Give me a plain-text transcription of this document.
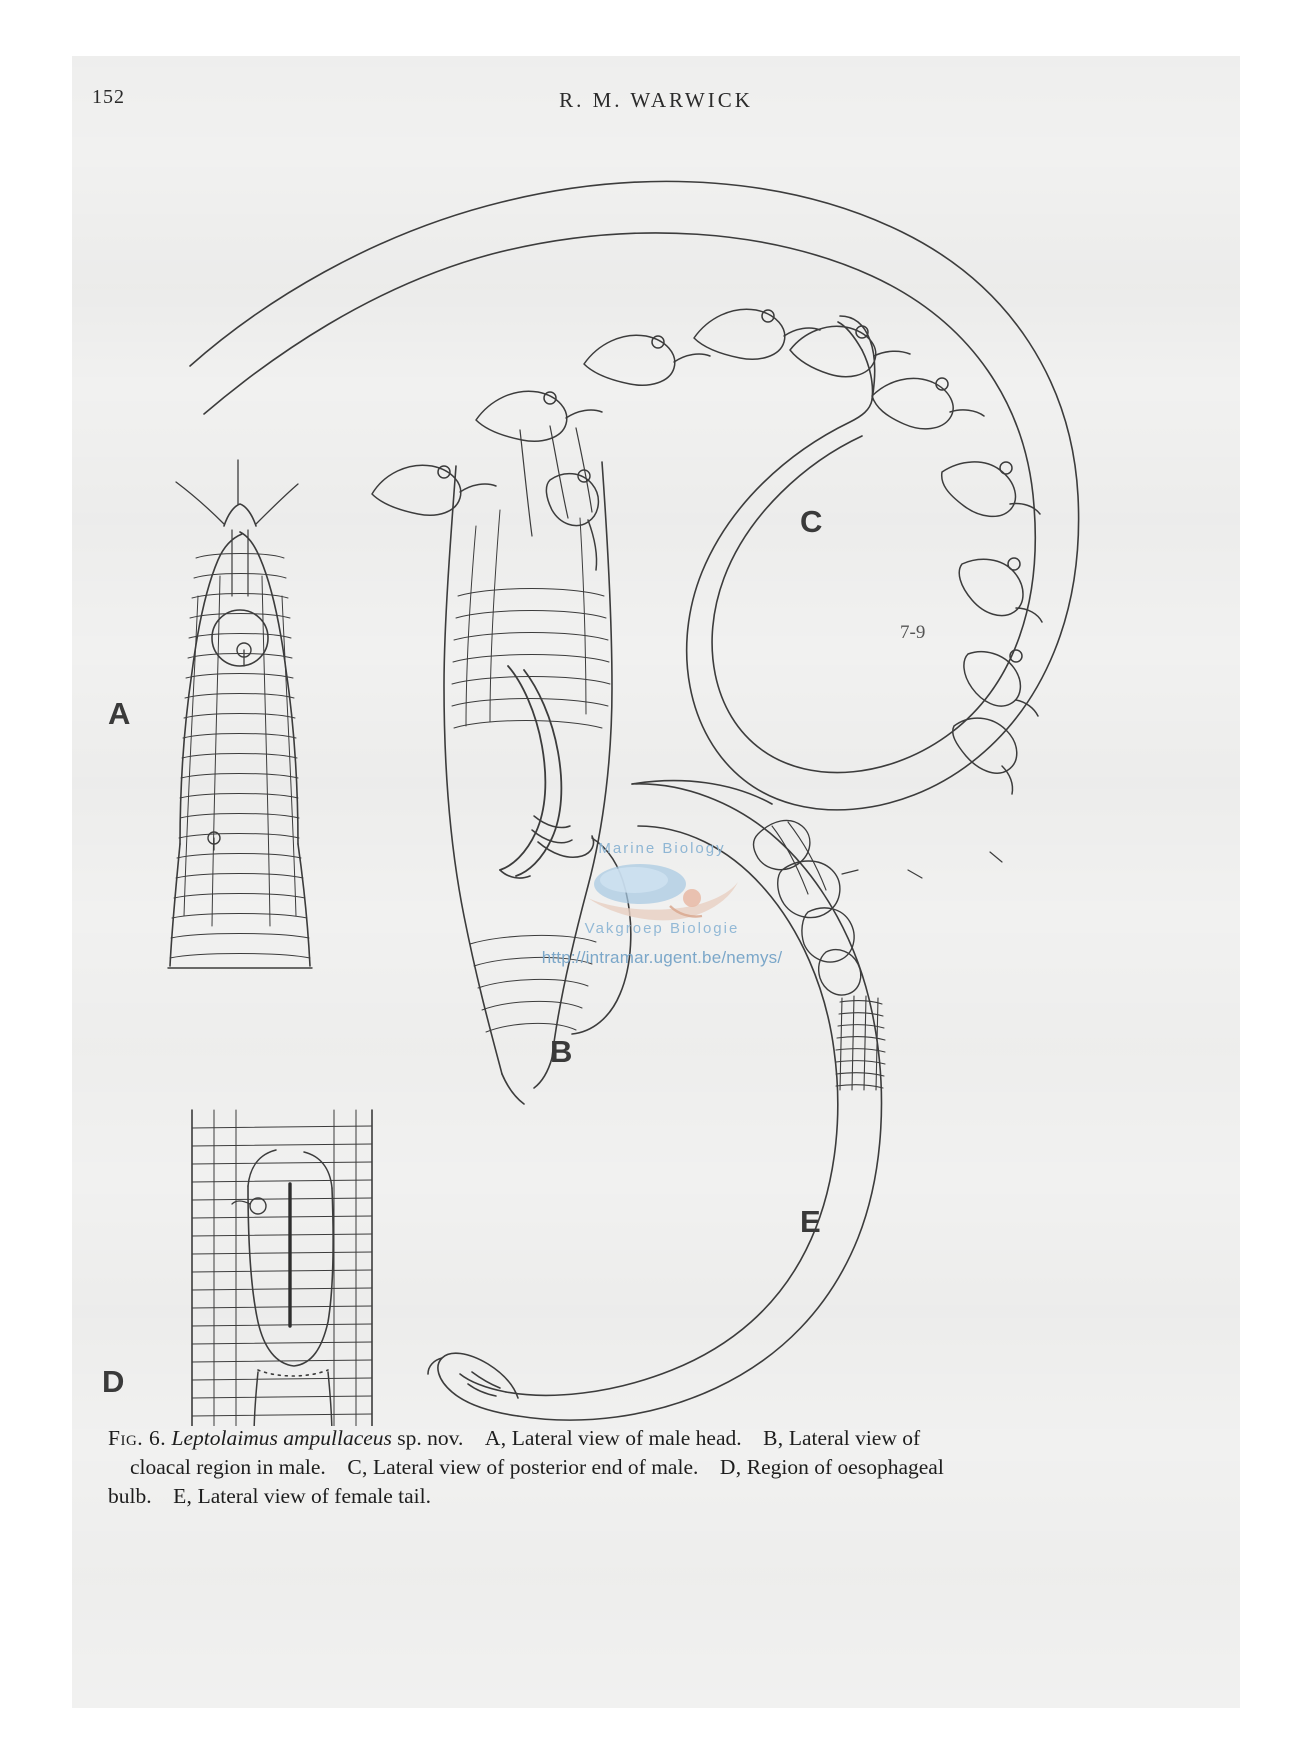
152	R. M. WARWICK
A
B
C
D
E
7-9
Marine Biology
Vakgroep Biologie
http://intramar.ugent.be/nemys/
Fig. 6. Leptolaimus ampullaceus sp. nov. A, Lateral view of male head. B, Lateral view of
cloacal region in male. C, Lateral view of posterior end of male. D, Region of oesophageal
bulb. E, Lateral view of female tail.
